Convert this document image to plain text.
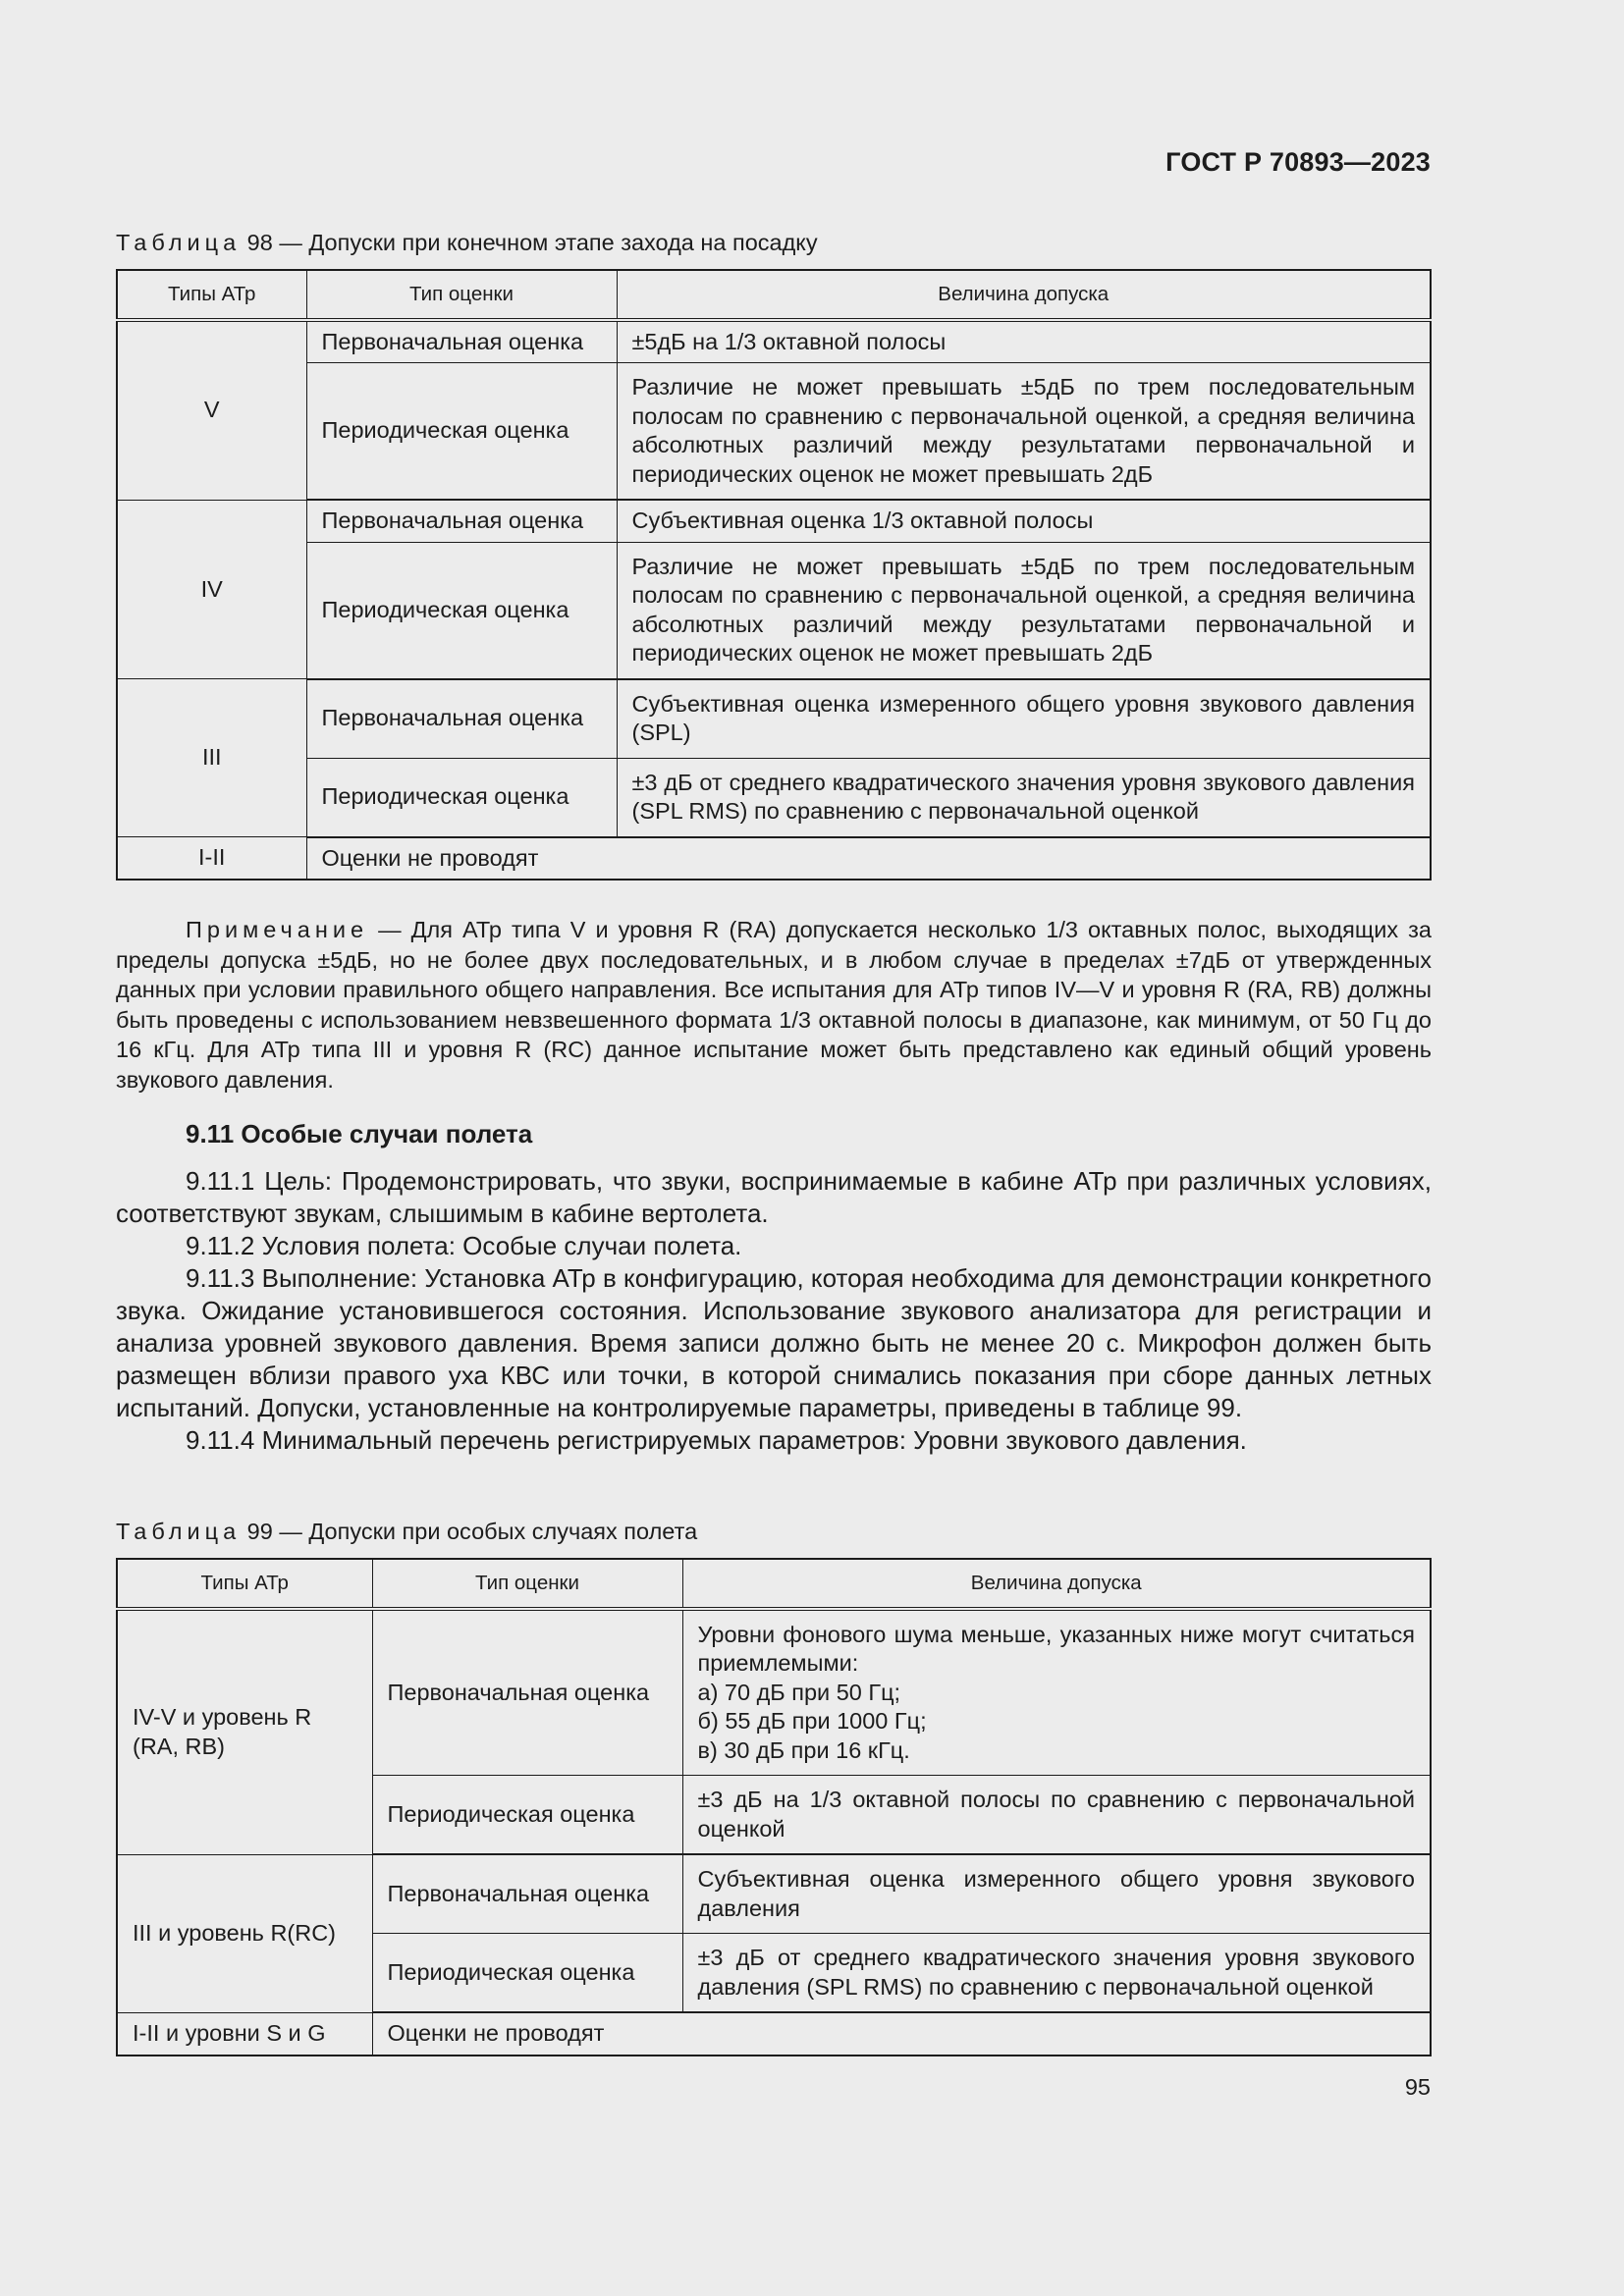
ГОСТ Р 70893—2023
Таблица 98 — Допуски при конечном этапе захода на посадку
Типы АТр	Тип оценки	Величина допуска
V	Первоначальная оценка	±5дБ на 1/3 октавной полосы
	Периодическая оценка	Различие не может превышать ±5дБ по трем последовательным полосам по сравнению с первоначальной оценкой, а средняя величина абсолютных различий между результатами первоначальной и периодических оценок не может превышать 2дБ
IV	Первоначальная оценка	Субъективная оценка 1/3 октавной полосы
	Периодическая оценка	Различие не может превышать ±5дБ по трем последовательным полосам по сравнению с первоначальной оценкой, а средняя величина абсолютных различий между результатами первоначальной и периодических оценок не может превышать 2дБ
III	Первоначальная оценка	Субъективная оценка измеренного общего уровня звукового давления (SPL)
	Периодическая оценка	±3 дБ от среднего квадратического значения уровня звукового давления (SPL RMS) по сравнению с первоначальной оценкой
I-II	Оценки не проводят	

Примечание — Для АТр типа V и уровня R (RA) допускается несколько 1/3 октавных полос, выходящих за пределы допуска ±5дБ, но не более двух последовательных, и в любом случае в пределах ±7дБ от утвержденных данных при условии правильного общего направления. Все испытания для АТр типов IV—V и уровня R (RA, RB) должны быть проведены с использованием невзвешенного формата 1/3 октавной полосы в диапазоне, как минимум, от 50 Гц до 16 кГц. Для АТр типа III и уровня R (RC) данное испытание может быть представлено как единый общий уровень звукового давления.

9.11 Особые случаи полета

9.11.1 Цель: Продемонстрировать, что звуки, воспринимаемые в кабине АТр при различных условиях, соответствуют звукам, слышимым в кабине вертолета.

9.11.2 Условия полета: Особые случаи полета.

9.11.3 Выполнение: Установка АТр в конфигурацию, которая необходима для демонстрации конкретного звука. Ожидание установившегося состояния. Использование звукового анализатора для регистрации и анализа уровней звукового давления. Время записи должно быть не менее 20 с. Микрофон должен быть размещен вблизи правого уха КВС или точки, в которой снимались показания при сборе данных летных испытаний. Допуски, установленные на контролируемые параметры, приведены в таблице 99.

9.11.4 Минимальный перечень регистрируемых параметров: Уровни звукового давления.

Таблица 99 — Допуски при особых случаях полета
Типы АТр	Тип оценки	Величина допуска
IV-V и уровень R (RA, RB)	Первоначальная оценка	Уровни фонового шума меньше, указанных ниже могут считаться приемлемыми:
а) 70 дБ при 50 Гц;
б) 55 дБ при 1000 Гц;
в) 30 дБ при 16 кГц.

	Периодическая оценка	±3 дБ на 1/3 октавной полосы по сравнению с первоначальной оценкой
III и уровень R(RC)	Первоначальная оценка	Субъективная оценка измеренного общего уровня звукового давления
	Периодическая оценка	±3 дБ от среднего квадратического значения уровня звукового давления (SPL RMS) по сравнению с первоначальной оценкой
I-II и уровни S и G	Оценки не проводят	
95
